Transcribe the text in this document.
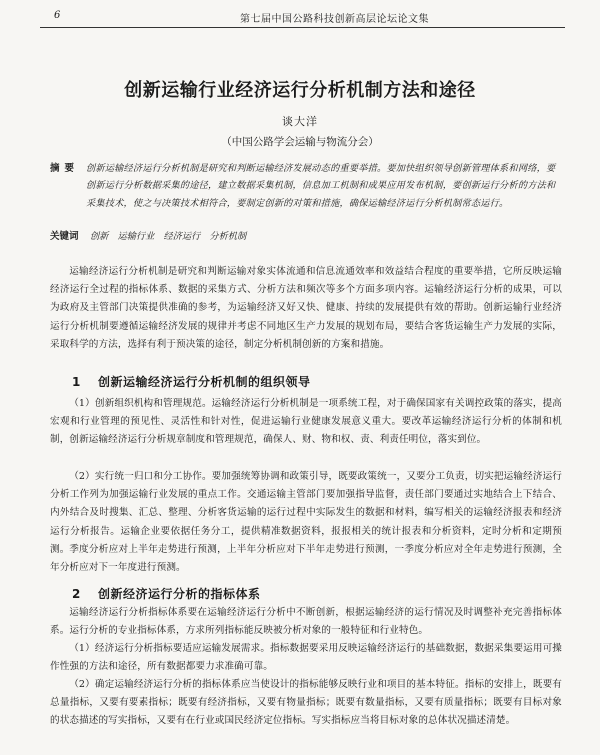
6	第七届中国公路科技创新高层论坛论文集
创新运输行业经济运行分析机制方法和途径
谈大洋
（中国公路学会运输与物流分会）
摘要 创新运输经济运行分析机制是研究和判断运输经济发展动态的重要举措。要加快组织领导创新管理体系和网络，要创新运行分析数据采集的途径，建立数据采集机制，信息加工机制和成果应用发布机制，要创新运行分析的方法和采集技术，使之与决策技术相符合，要制定创新的对策和措施，确保运输经济运行分析机制常态运行。
关键词 创新　运输行业　经济运行　分析机制
运输经济运行分析机制是研究和判断运输对象实体流通和信息流通效率和效益结合程度的重要举措，它所反映运输经济运行全过程的指标体系、数据的采集方式、分析方法和频次等多个方面多项内容。运输经济运行分析的成果，可以为政府及主管部门决策提供准确的参考，为运输经济又好又快、健康、持续的发展提供有效的帮助。创新运输行业经济运行分析机制要遵循运输经济发展的规律并考虑不同地区生产力发展的规划布局，要结合客货运输生产力发展的实际，采取科学的方法，选择有利于预决策的途径，制定分析机制创新的方案和措施。
1 创新运输经济运行分析机制的组织领导
（1）创新组织机构和管理规范。运输经济运行分析机制是一项系统工程，对于确保国家有关调控政策的落实，提高宏观和行业管理的预见性、灵活性和针对性，促进运输行业健康发展意义重大。要改革运输经济运行分析的体制和机制，创新运输经济运行分析规章制度和管理规范，确保人、财、物和权、责、利责任明位，落实到位。
（2）实行统一归口和分工协作。要加强统筹协调和政策引导，既要政策统一，又要分工负责，切实把运输经济运行分析工作列为加强运输行业发展的重点工作。交通运输主管部门要加强指导监督，责任部门要通过实地结合上下结合、内外结合及时搜集、汇总、整理、分析客货运输的运行过程中实际发生的数据和材料，编写相关的运输经济报表和经济运行分析报告。运输企业要依据任务分工，提供精准数据资料，报报相关的统计报表和分析资料，定时分析和定期预测。 季度分析应对上半年走势进行预测，上半年分析应对下半年走势进行预测，一季度分析应对全年走势进行预测，全年分析应对下一年度进行预测。
2 创新经济运行分析的指标体系
运输经济运行分析指标体系要在运输经济运行分析中不断创新，根据运输经济的运行情况及时调整补充完善指标体系。运行分析的专业指标体系，方求所列指标能反映被分析对象的一般特征和行业特色。
（1）经济运行分析指标要适应运输发展需求。指标数据要采用反映运输经济运行的基础数据，数据采集要运用可操作性强的方法和途径，所有数据都要力求准确可靠。
（2）确定运输经济运行分析的指标体系应当使设计的指标能够反映行业和项目的基本特征。指标的安排上，既要有总量指标，又要有要素指标；既要有经济指标，又要有物量指标；既要有数量指标，又要有质量指标；既要有目标对象的状态描述的写实指标，又要有在行业或国民经济定位指标。写实指标应当将目标对象的总体状况描述清楚。
